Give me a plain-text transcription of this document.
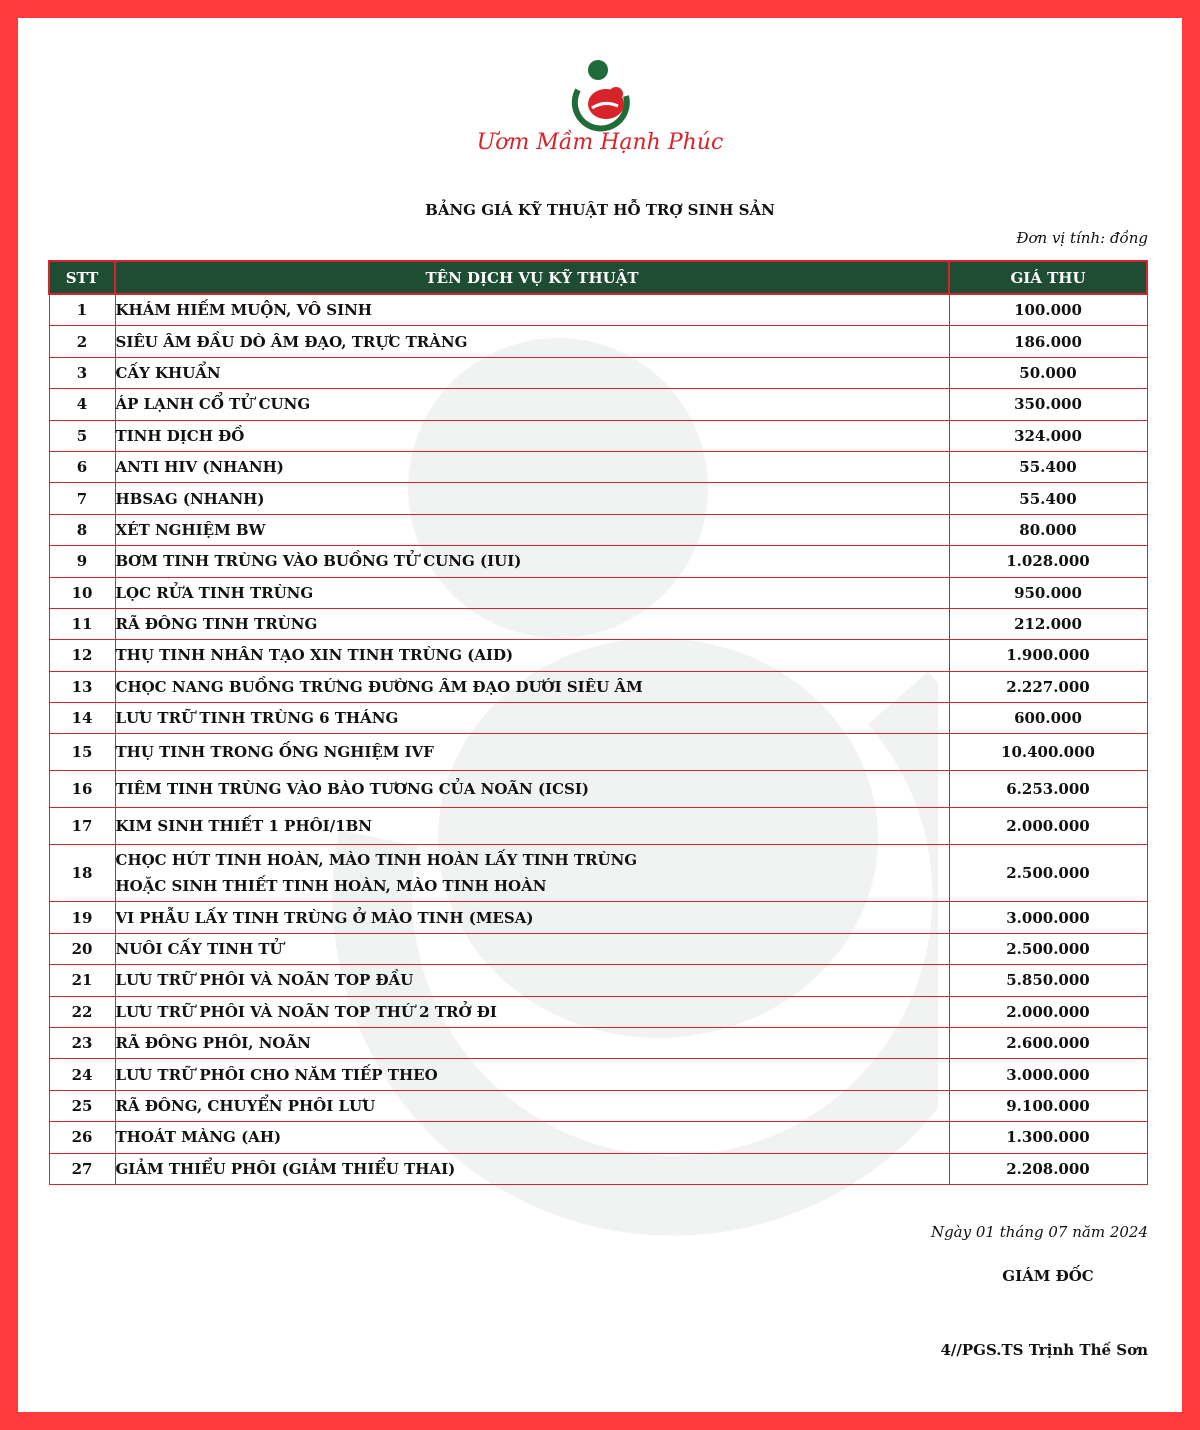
Ươm Mầm Hạnh Phúc
BẢNG GIÁ KỸ THUẬT HỖ TRỢ SINH SẢN
Đơn vị tính: đồng
STT	TÊN DỊCH VỤ KỸ THUẬT	GIÁ THU
1	KHÁM HIẾM MUỘN, VÔ SINH	100.000
2	SIÊU ÂM ĐẦU DÒ ÂM ĐẠO, TRỰC TRÀNG	186.000
3	CẤY KHUẨN	50.000
4	ÁP LẠNH CỔ TỬ CUNG	350.000
5	TINH DỊCH ĐỒ	324.000
6	ANTI HIV (NHANH)	55.400
7	HBSAG (NHANH)	55.400
8	XÉT NGHIỆM BW	80.000
9	BƠM TINH TRÙNG VÀO BUỒNG TỬ CUNG (IUI)	1.028.000
10	LỌC RỬA TINH TRÙNG	950.000
11	RÃ ĐÔNG TINH TRÙNG	212.000
12	THỤ TINH NHÂN TẠO XIN TINH TRÙNG (AID)	1.900.000
13	CHỌC NANG BUỒNG TRỨNG ĐƯỜNG ÂM ĐẠO DƯỚI SIÊU ÂM	2.227.000
14	LƯU TRỮ TINH TRÙNG 6 THÁNG	600.000
15	THỤ TINH TRONG ỐNG NGHIỆM IVF	10.400.000
16	TIÊM TINH TRÙNG VÀO BÀO TƯƠNG CỦA NOÃN (ICSI)	6.253.000
17	KIM SINH THIẾT 1 PHÔI/1BN	2.000.000
18	CHỌC HÚT TINH HOÀN, MÀO TINH HOÀN LẤY TINH TRÙNG
HOẶC SINH THIẾT TINH HOÀN, MÀO TINH HOÀN	2.500.000
19	VI PHẪU LẤY TINH TRÙNG Ở MÀO TINH (MESA)	3.000.000
20	NUÔI CẤY TINH TỬ	2.500.000
21	LƯU TRỮ PHÔI VÀ NOÃN TOP ĐẦU	5.850.000
22	LƯU TRỮ PHÔI VÀ NOÃN TOP THỨ 2 TRỞ ĐI	2.000.000
23	RÃ ĐÔNG PHÔI, NOÃN	2.600.000
24	LƯU TRỮ PHÔI CHO NĂM TIẾP THEO	3.000.000
25	RÃ ĐÔNG, CHUYỂN PHÔI LƯU	9.100.000
26	THOÁT MÀNG (AH)	1.300.000
27	GIẢM THIỂU PHÔI (GIẢM THIỂU THAI)	2.208.000
Ngày 01 tháng 07 năm 2024
GIÁM ĐỐC
4//PGS.TS Trịnh Thế Sơn
